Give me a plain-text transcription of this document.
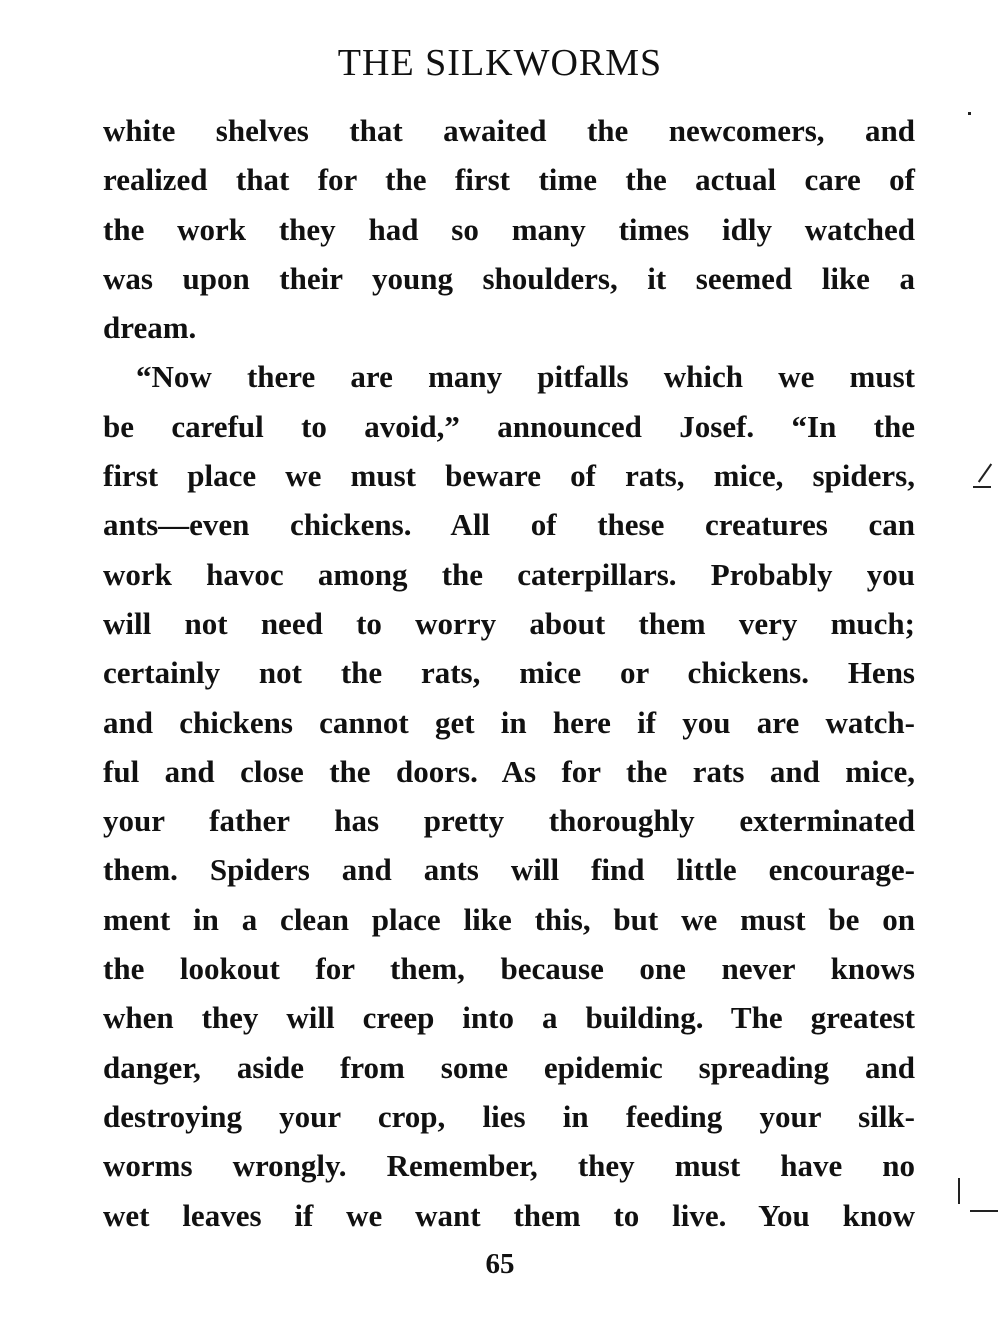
THE SILKWORMS
white shelves that awaited the newcomers, and
realized that for the first time the actual care of
the work they had so many times idly watched
was upon their young shoulders, it seemed like a
dream.
“Now there are many pitfalls which we must
be careful to avoid,” announced Josef. “In the
first place we must beware of rats, mice, spiders,
ants—even chickens. All of these creatures can
work havoc among the caterpillars. Probably you
will not need to worry about them very much;
certainly not the rats, mice or chickens. Hens
and chickens cannot get in here if you are watch-
ful and close the doors. As for the rats and mice,
your father has pretty thoroughly exterminated
them. Spiders and ants will find little encourage-
ment in a clean place like this, but we must be on
the lookout for them, because one never knows
when they will creep into a building. The greatest
danger, aside from some epidemic spreading and
destroying your crop, lies in feeding your silk-
worms wrongly. Remember, they must have no
wet leaves if we want them to live. You know
65
